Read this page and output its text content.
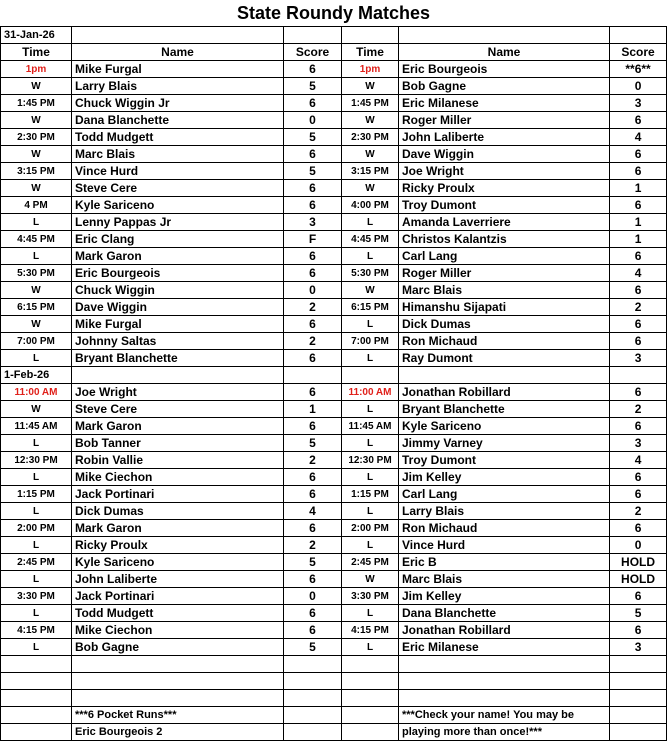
State Roundy Matches					
31-Jan-26					
Time	Name	Score	Time	Name	Score
1pm	Mike Furgal	6	1pm	Eric Bourgeois	**6**
W	Larry Blais	5	W	Bob Gagne	0
1:45 PM	Chuck Wiggin Jr	6	1:45 PM	Eric Milanese	3
W	Dana Blanchette	0	W	Roger Miller	6
2:30 PM	Todd Mudgett	5	2:30 PM	John Laliberte	4
W	Marc Blais	6	W	Dave Wiggin	6
3:15 PM	Vince Hurd	5	3:15 PM	Joe Wright	6
W	Steve Cere	6	W	Ricky Proulx	1
4 PM	Kyle Sariceno	6	4:00 PM	Troy Dumont	6
L	Lenny Pappas Jr	3	L	Amanda Laverriere	1
4:45 PM	Eric Clang	F	4:45 PM	Christos Kalantzis	1
L	Mark Garon	6	L	Carl Lang	6
5:30 PM	Eric Bourgeois	6	5:30 PM	Roger Miller	4
W	Chuck Wiggin	0	W	Marc Blais	6
6:15 PM	Dave Wiggin	2	6:15 PM	Himanshu Sijapati	2
W	Mike Furgal	6	L	Dick Dumas	6
7:00 PM	Johnny Saltas	2	7:00 PM	Ron Michaud	6
L	Bryant Blanchette	6	L	Ray Dumont	3
1-Feb-26					
11:00 AM	Joe Wright	6	11:00 AM	Jonathan Robillard	6
W	Steve Cere	1	L	Bryant Blanchette	2
11:45 AM	Mark Garon	6	11:45 AM	Kyle Sariceno	6
L	Bob Tanner	5	L	Jimmy Varney	3
12:30 PM	Robin Vallie	2	12:30 PM	Troy Dumont	4
L	Mike Ciechon	6	L	Jim Kelley	6
1:15 PM	Jack Portinari	6	1:15 PM	Carl Lang	6
L	Dick Dumas	4	L	Larry Blais	2
2:00 PM	Mark Garon	6	2:00 PM	Ron Michaud	6
L	Ricky Proulx	2	L	Vince Hurd	0
2:45 PM	Kyle Sariceno	5	2:45 PM	Eric B	HOLD
L	John Laliberte	6	W	Marc Blais	HOLD
3:30 PM	Jack Portinari	0	3:30 PM	Jim Kelley	6
L	Todd Mudgett	6	L	Dana Blanchette	5
4:15 PM	Mike Ciechon	6	4:15 PM	Jonathan Robillard	6
L	Bob Gagne	5	L	Eric Milanese	3

	***6 Pocket Runs***			***Check your name! You may be	
	Eric Bourgeois 2			playing more than once!***	
